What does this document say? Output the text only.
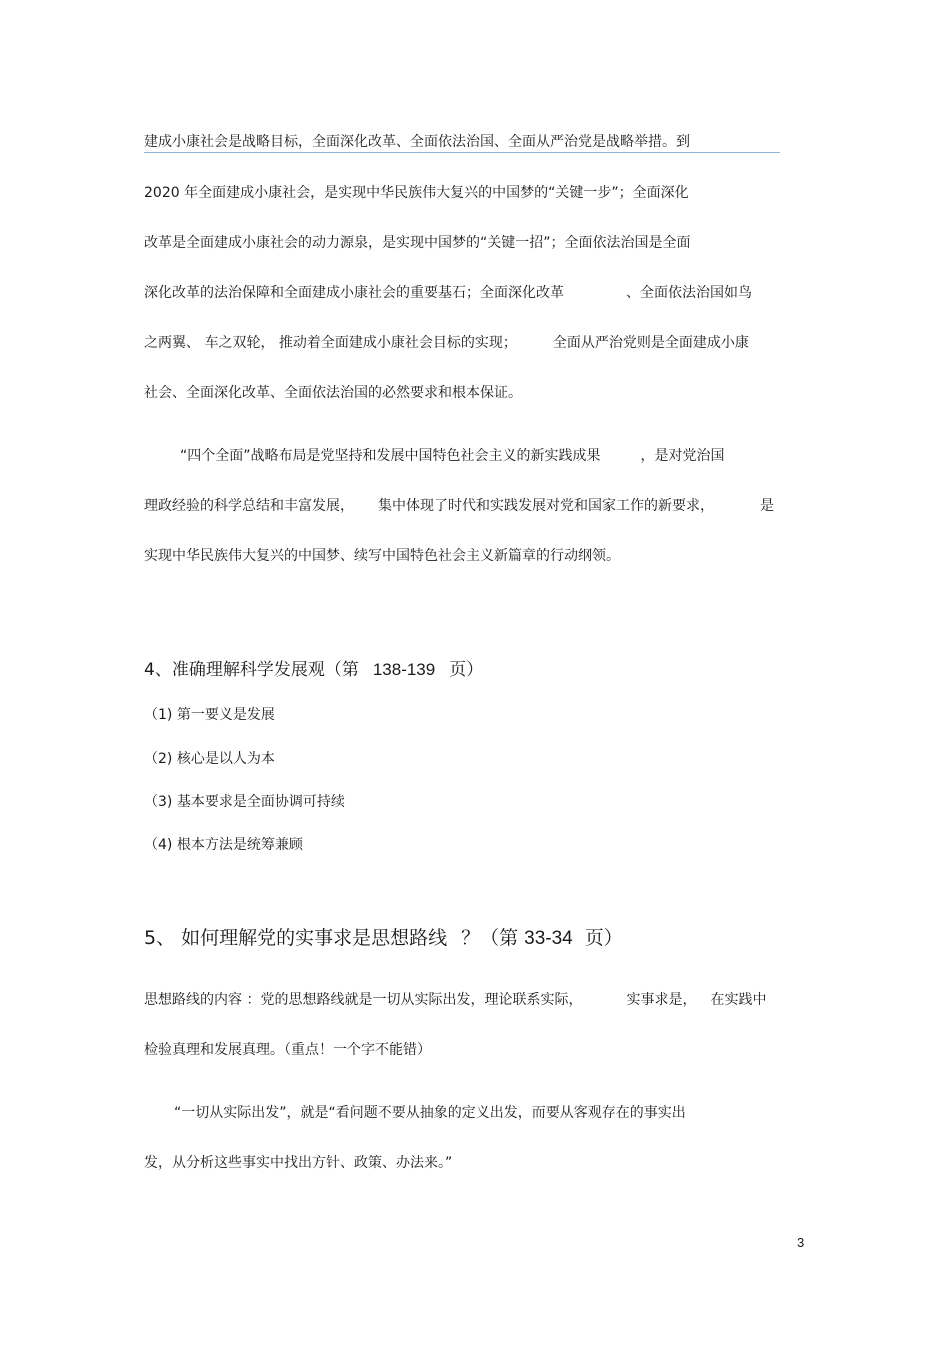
建成小康社会是战略目标，全面深化改革、全面依法治国、全面从严治党是战略举措。到
2020 年全面建成小康社会，是实现中华民族伟大复兴的中国梦的“关键一步”；全面深化
改革是全面建成小康社会的动力源泉，是实现中国梦的“关键一招”；全面依法治国是全面
深化改革的法治保障和全面建成小康社会的重要基石；全面深化改革	、全面依法治国如鸟
之两翼、 车之双轮， 推动着全面建成小康社会目标的实现；	全面从严治党则是全面建成小康
社会、全面深化改革、全面依法治国的必然要求和根本保证。
“四个全面”战略布局是党坚持和发展中国特色社会主义的新实践成果	，是对党治国
理政经验的科学总结和丰富发展， 集中体现了时代和实践发展对党和国家工作的新要求，	是
实现中华民族伟大复兴的中国梦、续写中国特色社会主义新篇章的行动纲领。
4、准确理解科学发展观（第 138-139 页）
（1) 第一要义是发展
（2) 核心是以人为本
（3) 基本要求是全面协调可持续
（4) 根本方法是统筹兼顾
5、 如何理解党的实事求是思想路线 ？（第 33-34 页）
思想路线的内容 ：党的思想路线就是一切从实际出发，理论联系实际，	实事求是， 在实践中
检验真理和发展真理。（重点！一个字不能错）
“一切从实际出发”，就是“看问题不要从抽象的定义出发，而要从客观存在的事实出
发，从分析这些事实中找出方针、政策、办法来。”
3
